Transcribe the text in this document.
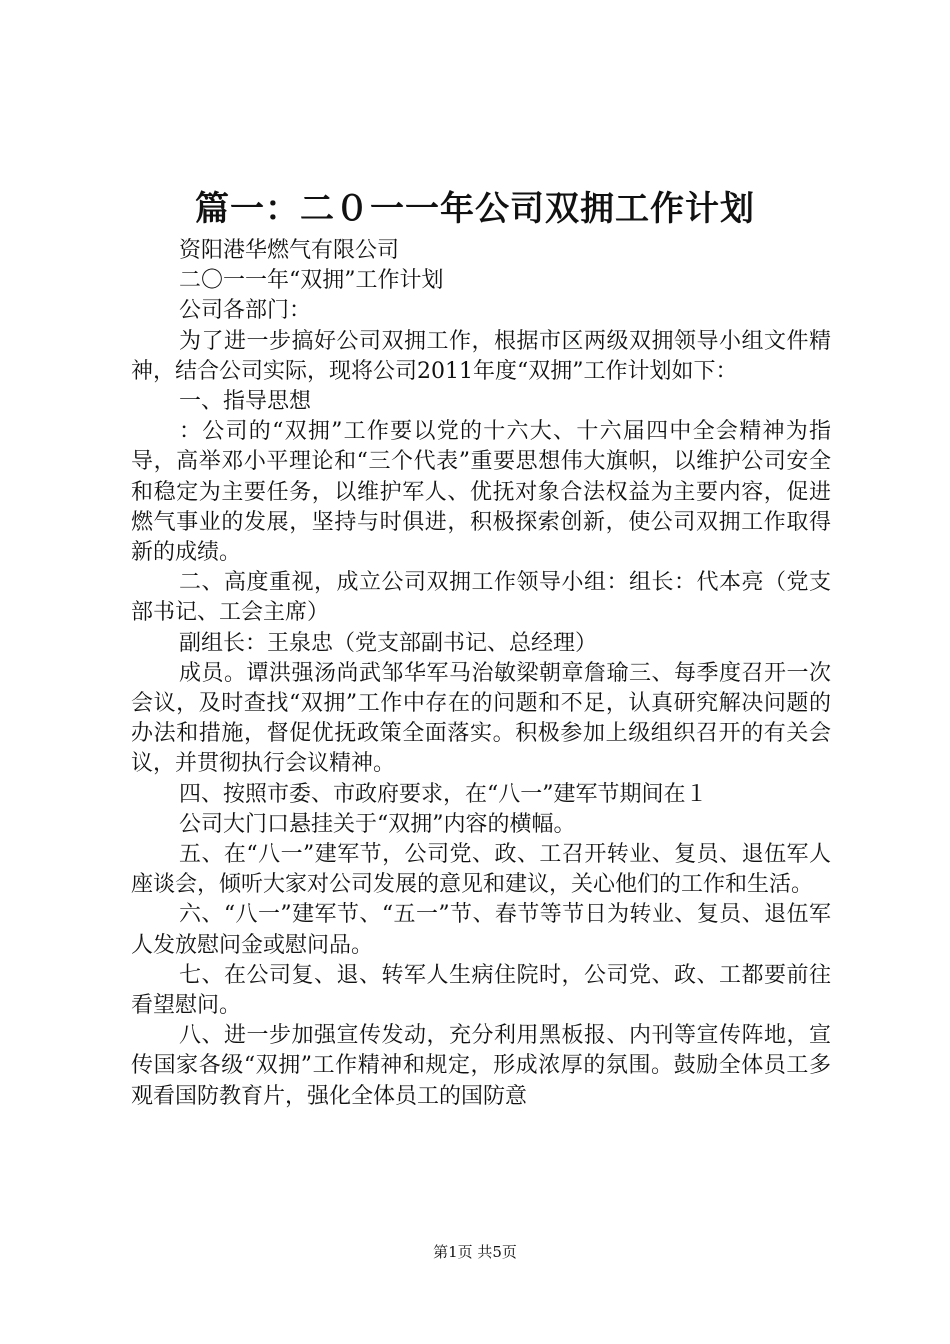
篇一：二０一一年公司双拥工作计划

资阳港华燃气有限公司

二〇一一年“双拥”工作计划

公司各部门：

为了进一步搞好公司双拥工作，根据市区两级双拥领导小组文件精神，结合公司实际，现将公司2011年度“双拥”工作计划如下：

一、指导思想

：公司的“双拥”工作要以党的十六大、十六届四中全会精神为指导，高举邓小平理论和“三个代表”重要思想伟大旗帜，以维护公司安全和稳定为主要任务，以维护军人、优抚对象合法权益为主要内容，促进燃气事业的发展，坚持与时俱进，积极探索创新，使公司双拥工作取得新的成绩。

二、高度重视，成立公司双拥工作领导小组：组长：代本亮（党支部书记、工会主席）

副组长：王泉忠（党支部副书记、总经理）

成员。谭洪强汤尚武邹华军马治敏梁朝章詹瑜三、每季度召开一次会议，及时查找“双拥”工作中存在的问题和不足，认真研究解决问题的办法和措施，督促优抚政策全面落实。积极参加上级组织召开的有关会议，并贯彻执行会议精神。

四、按照市委、市政府要求，在“八一”建军节期间在１

公司大门口悬挂关于“双拥”内容的横幅。

五、在“八一”建军节，公司党、政、工召开转业、复员、退伍军人座谈会，倾听大家对公司发展的意见和建议，关心他们的工作和生活。

六、“八一”建军节、“五一”节、春节等节日为转业、复员、退伍军人发放慰问金或慰问品。

七、在公司复、退、转军人生病住院时，公司党、政、工都要前往看望慰问。

八、进一步加强宣传发动，充分利用黑板报、内刊等宣传阵地，宣传国家各级“双拥”工作精神和规定，形成浓厚的氛围。鼓励全体员工多观看国防教育片，强化全体员工的国防意

第1页 共5页
